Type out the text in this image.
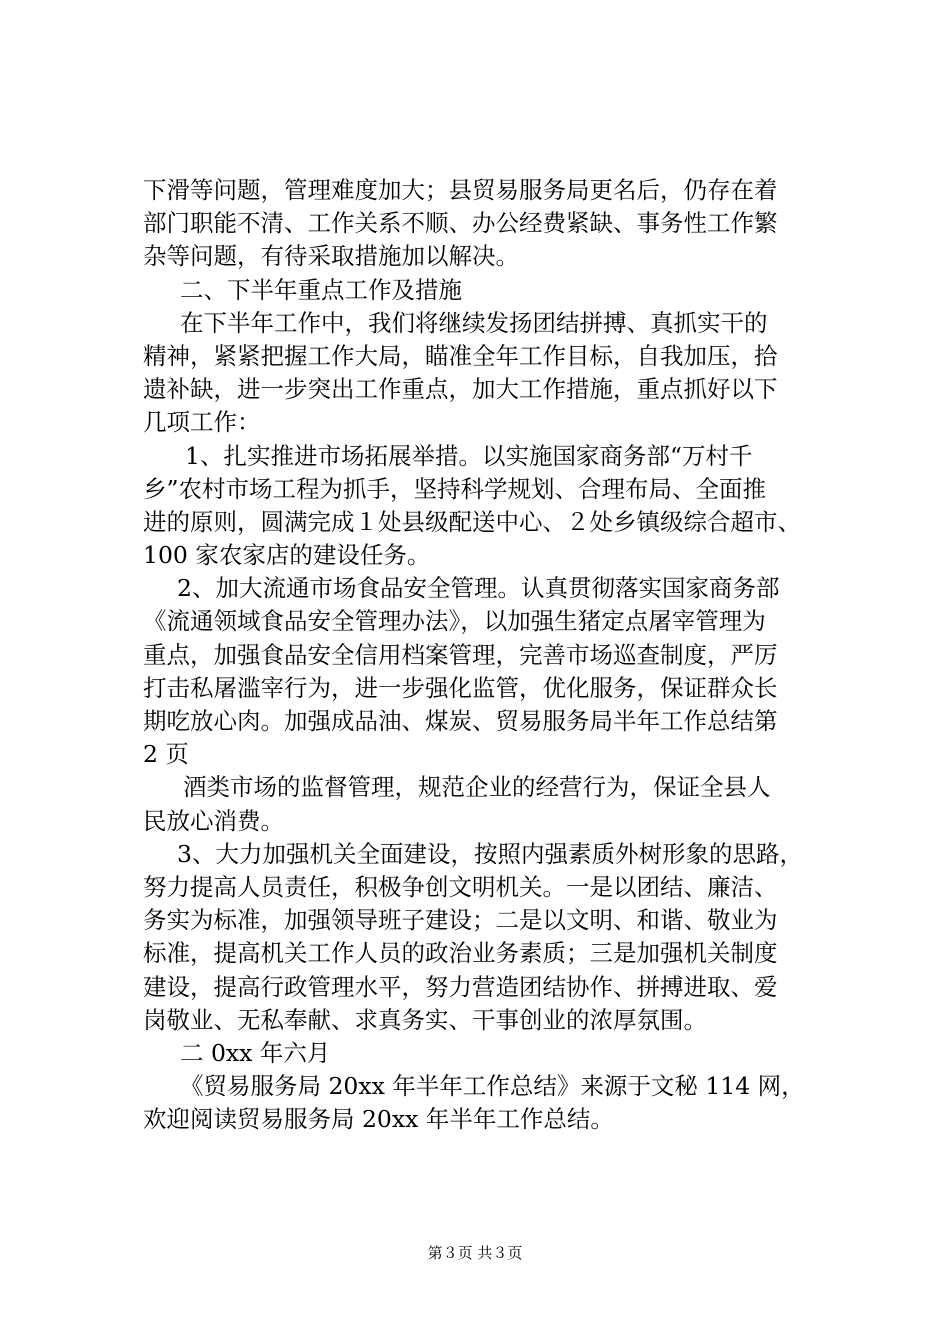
下滑等问题，管理难度加大；县贸易服务局更名后，仍存在着
部门职能不清、工作关系不顺、办公经费紧缺、事务性工作繁
杂等问题，有待采取措施加以解决。
二、下半年重点工作及措施
在下半年工作中，我们将继续发扬团结拼搏、真抓实干的
精神，紧紧把握工作大局，瞄准全年工作目标，自我加压，拾
遗补缺，进一步突出工作重点，加大工作措施，重点抓好以下
几项工作：
1、扎实推进市场拓展举措。以实施国家商务部“万村千
乡”农村市场工程为抓手，坚持科学规划、合理布局、全面推
进的原则，圆满完成１处县级配送中心、２处乡镇级综合超市、
100 家农家店的建设任务。
2、加大流通市场食品安全管理。认真贯彻落实国家商务部
《流通领域食品安全管理办法》，以加强生猪定点屠宰管理为
重点，加强食品安全信用档案管理，完善市场巡查制度，严厉
打击私屠滥宰行为，进一步强化监管，优化服务，保证群众长
期吃放心肉。加强成品油、煤炭、贸易服务局半年工作总结第
2 页
酒类市场的监督管理，规范企业的经营行为，保证全县人
民放心消费。
3、大力加强机关全面建设，按照内强素质外树形象的思路，
努力提高人员责任，积极争创文明机关。一是以团结、廉洁、
务实为标准，加强领导班子建设；二是以文明、和谐、敬业为
标准，提高机关工作人员的政治业务素质；三是加强机关制度
建设，提高行政管理水平，努力营造团结协作、拼搏进取、爱
岗敬业、无私奉献、求真务实、干事创业的浓厚氛围。
二 0xx 年六月
《贸易服务局 20xx 年半年工作总结》来源于文秘 114 网，
欢迎阅读贸易服务局 20xx 年半年工作总结。
第３页 共３页
